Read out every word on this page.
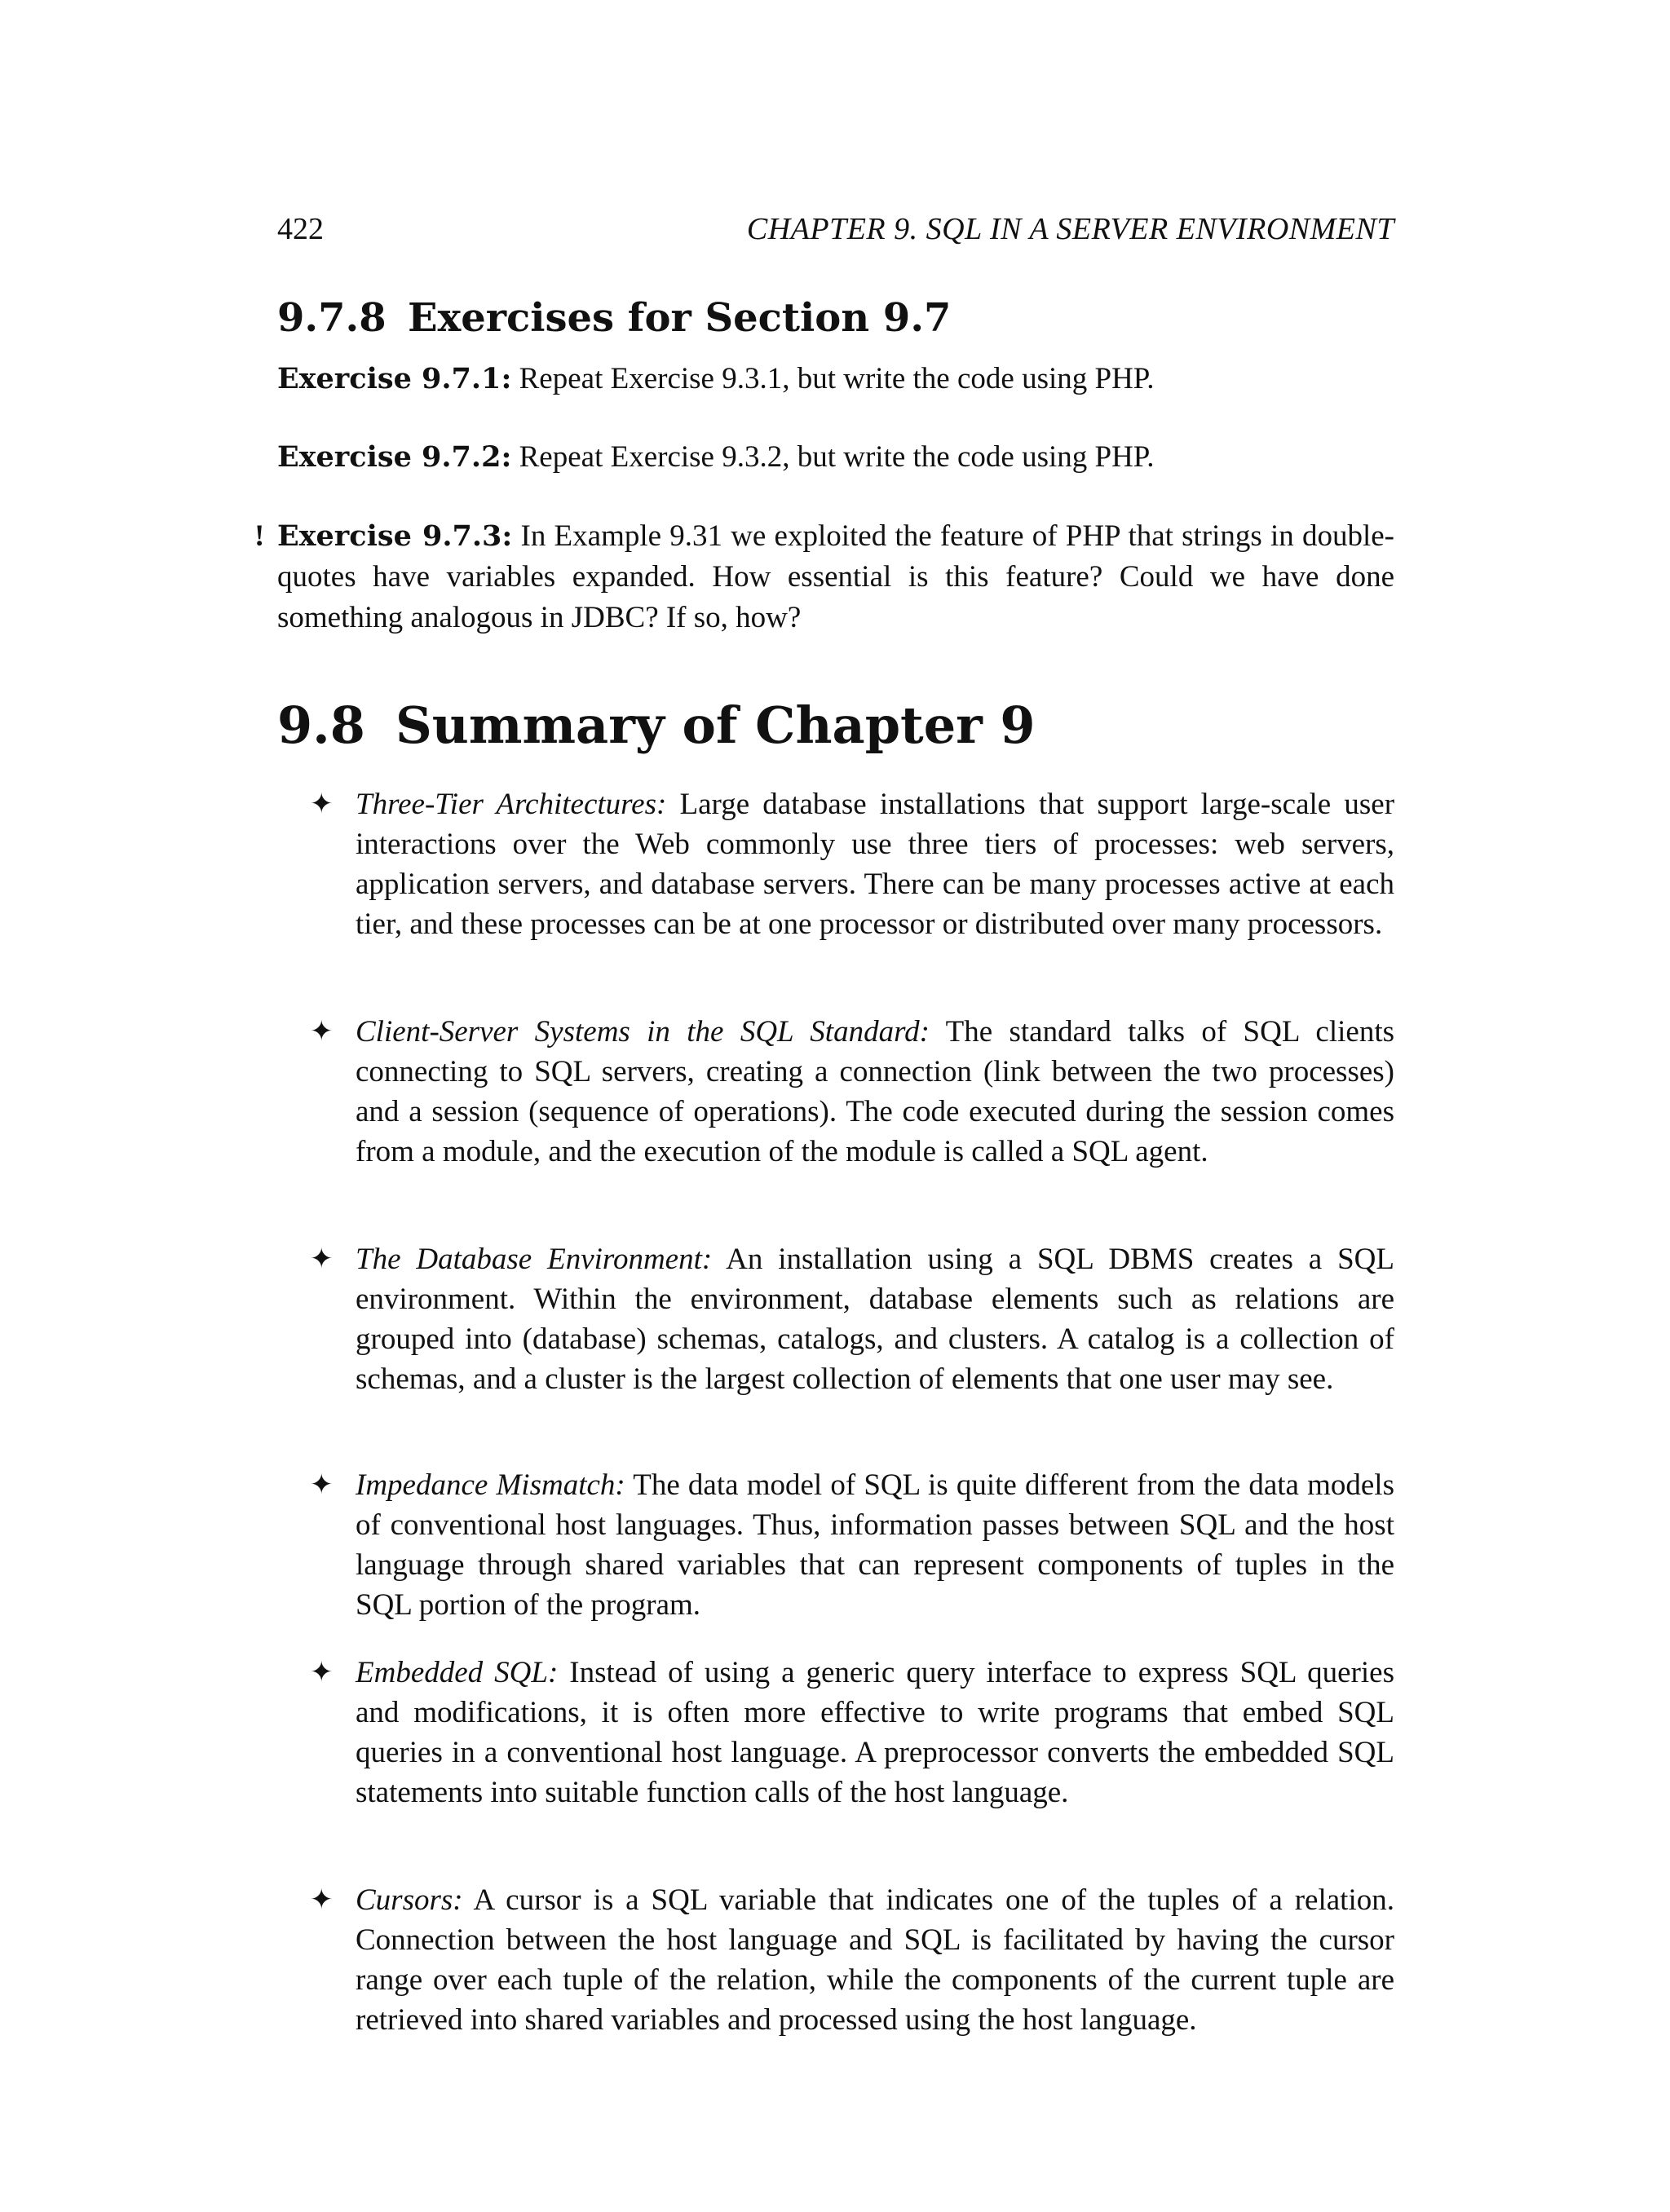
422	CHAPTER 9. SQL IN A SERVER ENVIRONMENT
9.7.8 Exercises for Section 9.7
Exercise 9.7.1: Repeat Exercise 9.3.1, but write the code using PHP.
Exercise 9.7.2: Repeat Exercise 9.3.2, but write the code using PHP.
! Exercise 9.7.3: In Example 9.31 we exploited the feature of PHP that strings in double-quotes have variables expanded. How essential is this feature? Could we have done something analogous in JDBC? If so, how?
9.8 Summary of Chapter 9
✦ Three-Tier Architectures: Large database installations that support large-scale user interactions over the Web commonly use three tiers of processes: web servers, application servers, and database servers. There can be many processes active at each tier, and these processes can be at one processor or distributed over many processors.
✦ Client-Server Systems in the SQL Standard: The standard talks of SQL clients connecting to SQL servers, creating a connection (link between the two processes) and a session (sequence of operations). The code executed during the session comes from a module, and the execution of the module is called a SQL agent.
✦ The Database Environment: An installation using a SQL DBMS creates a SQL environment. Within the environment, database elements such as relations are grouped into (database) schemas, catalogs, and clusters. A catalog is a collection of schemas, and a cluster is the largest collection of elements that one user may see.
✦ Impedance Mismatch: The data model of SQL is quite different from the data models of conventional host languages. Thus, information passes between SQL and the host language through shared variables that can represent components of tuples in the SQL portion of the program.
✦ Embedded SQL: Instead of using a generic query interface to express SQL queries and modifications, it is often more effective to write programs that embed SQL queries in a conventional host language. A preprocessor converts the embedded SQL statements into suitable function calls of the host language.
✦ Cursors: A cursor is a SQL variable that indicates one of the tuples of a relation. Connection between the host language and SQL is facilitated by having the cursor range over each tuple of the relation, while the components of the current tuple are retrieved into shared variables and processed using the host language.
